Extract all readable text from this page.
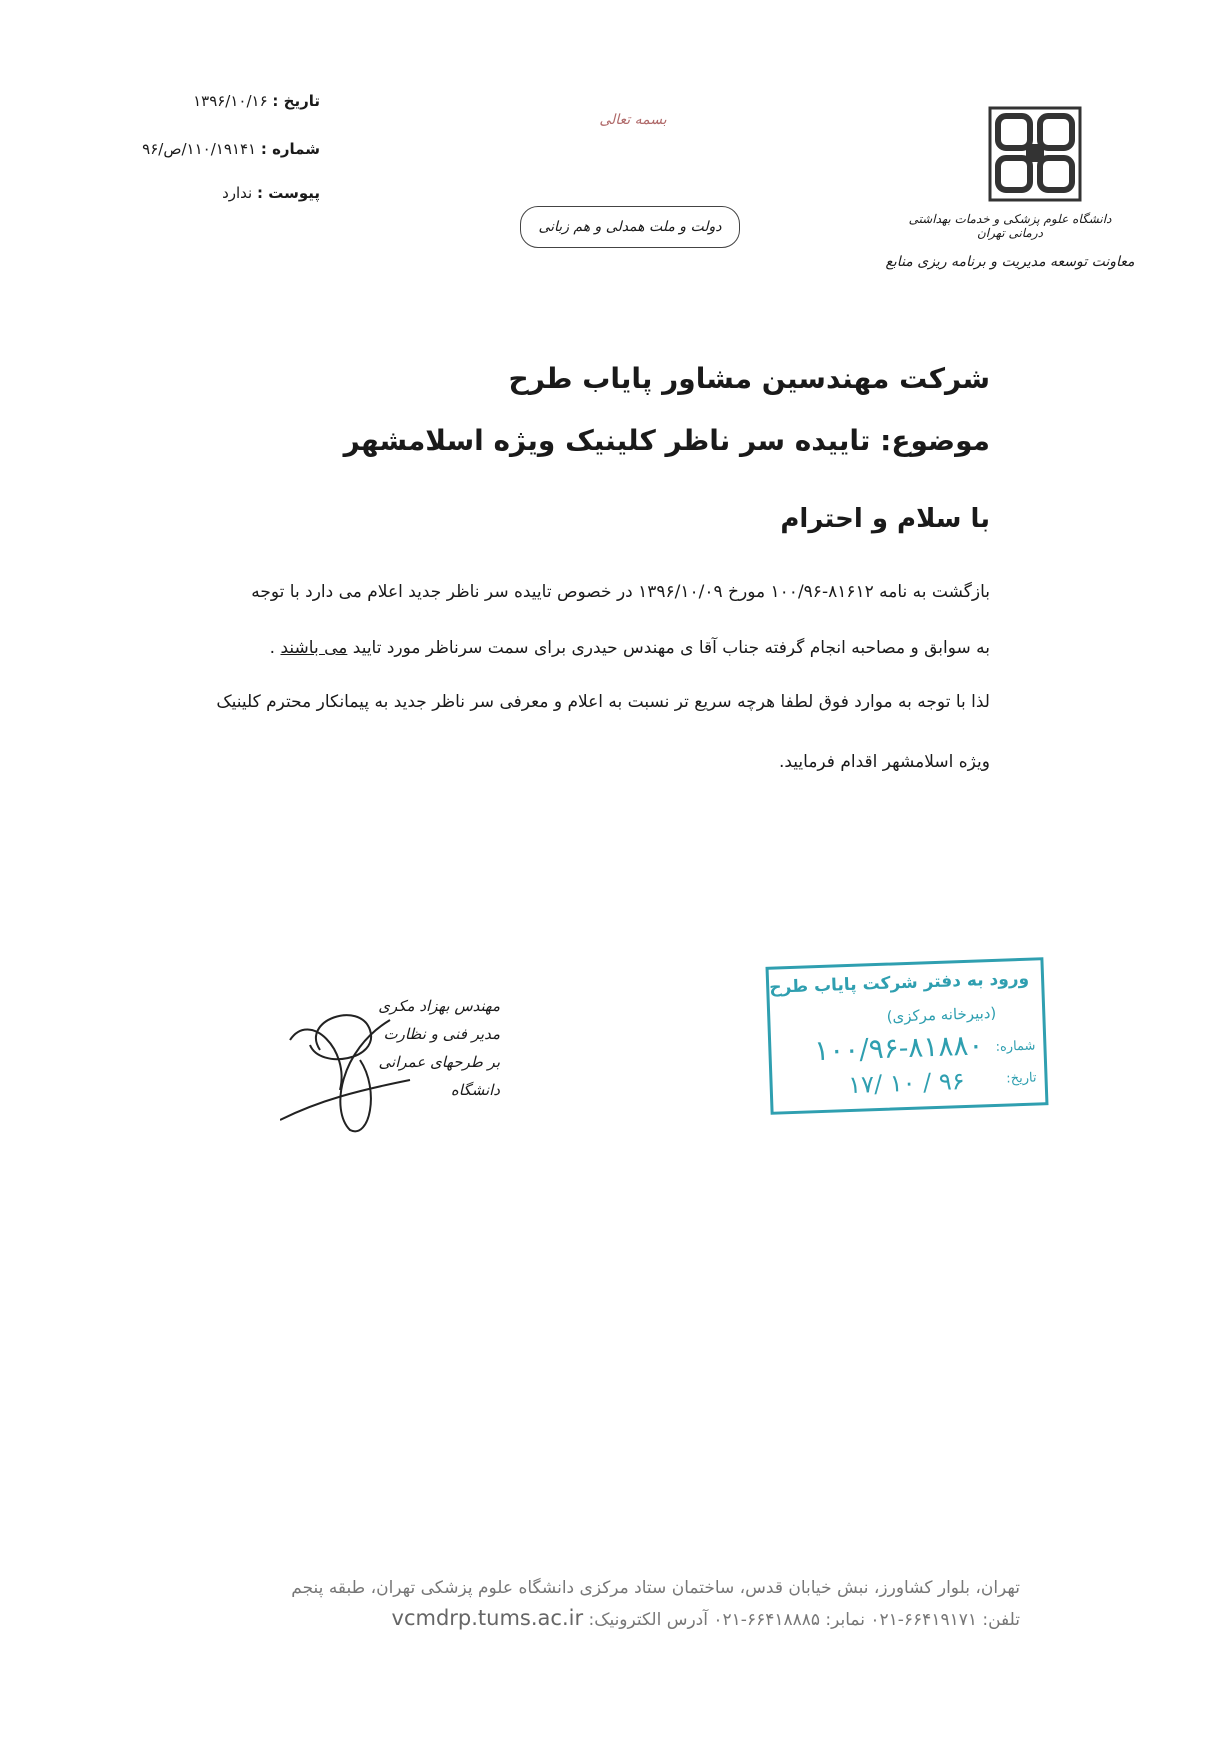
تاریخ : ۱۳۹۶/۱۰/۱۶
شماره : ۱۱۰/۱۹۱۴۱/ص/۹۶
پیوست : ندارد
بسمه تعالی
دولت و ملت همدلی و هم زبانی	دانشگاه علوم پزشکی و خدمات بهداشتی درمانی تهران
معاونت توسعه مدیریت و برنامه ریزی منابع
شرکت مهندسین مشاور پایاب طرح
موضوع: تاییده سر ناظر کلینیک ویژه اسلامشهر
با سلام و احترام
بازگشت به نامه ۸۱۶۱۲-۱۰۰/۹۶ مورخ ۱۳۹۶/۱۰/۰۹ در خصوص تاییده سر ناظر جدید اعلام می دارد با توجه
به سوابق و مصاحبه انجام گرفته جناب آقا ی مهندس حیدری برای سمت سرناظر مورد تایید می باشند .
لذا با توجه به موارد فوق لطفا هرچه سریع تر نسبت به اعلام و معرفی سر ناظر جدید به پیمانکار محترم کلینیک
ویژه اسلامشهر اقدام فرمایید.
مهندس بهزاد مکری
مدیر فنی و نظارت
بر طرحهای عمرانی دانشگاه
ورود به دفتر شرکت پایاب طرح
(دبیرخانه مرکزی)
شماره:
۱۰۰/۹۶-۸۱۸۸۰
تاریخ:
۹۶ / ۱۰ /۱۷
تهران، بلوار کشاورز، نبش خیابان قدس، ساختمان ستاد مرکزی دانشگاه علوم پزشکی تهران، طبقه پنجم
تلفن: ۶۶۴۱۹۱۷۱-۰۲۱ نمابر: ۶۶۴۱۸۸۸۵-۰۲۱ آدرس الکترونیک: vcmdrp.tums.ac.ir
